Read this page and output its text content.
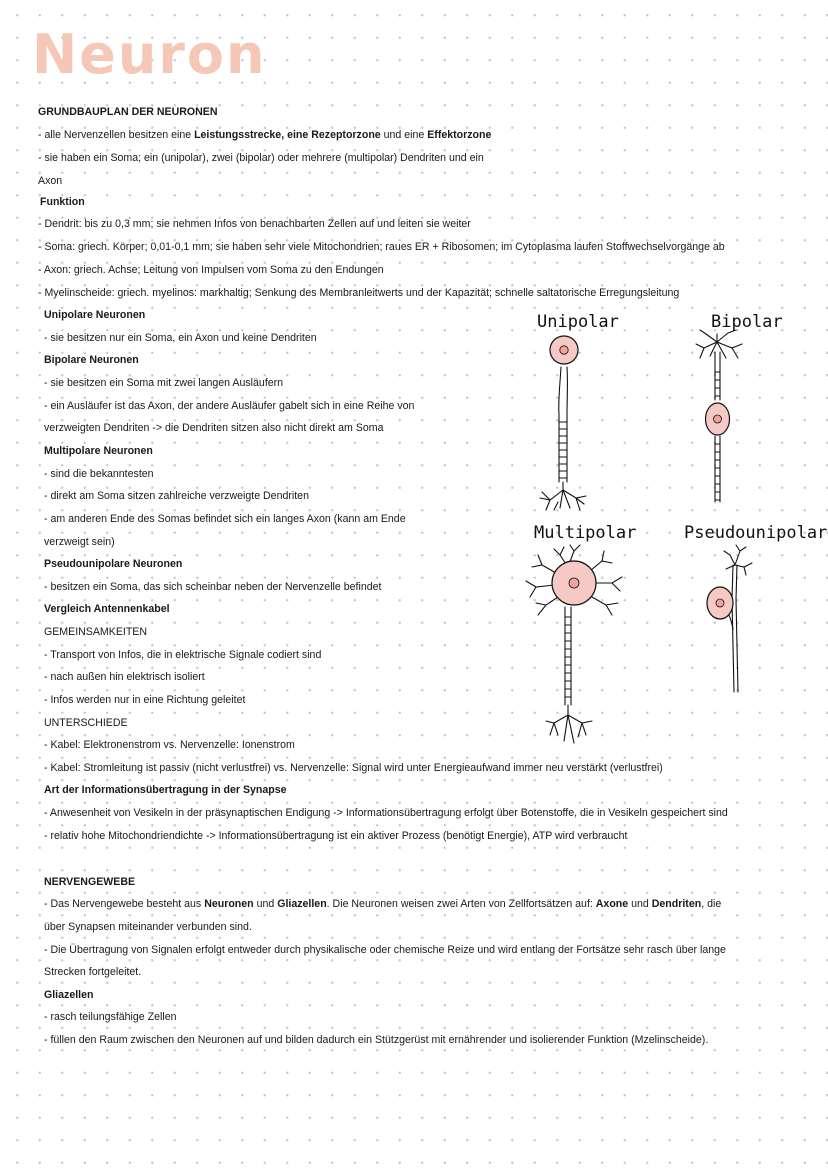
Neuron
GRUNDBAUPLAN DER NEURONEN
- alle Nervenzellen besitzen eine Leistungsstrecke, eine Rezeptorzone und eine Effektorzone
- sie haben ein Soma; ein (unipolar), zwei (bipolar) oder mehrere (multipolar) Dendriten und ein
Axon
Funktion
- Dendrit: bis zu 0,3 mm; sie nehmen Infos von benachbarten Zellen auf und leiten sie weiter
- Soma: griech. Körper; 0,01-0,1 mm; sie haben sehr viele Mitochondrien; raues ER + Ribosomen; im Cytoplasma laufen Stoffwechselvorgänge ab
- Axon: griech. Achse; Leitung von Impulsen vom Soma zu den Endungen
- Myelinscheide: griech. myelinos: markhaltig; Senkung des Membranleitwerts und der Kapazität; schnelle saltatorische Erregungsleitung
Unipolare Neuronen
- sie besitzen nur ein Soma, ein Axon und keine Dendriten
Bipolare Neuronen
- sie besitzen ein Soma mit zwei langen Ausläufern
- ein Ausläufer ist das Axon, der andere Ausläufer gabelt sich in eine Reihe von
verzweigten Dendriten -> die Dendriten sitzen also nicht direkt am Soma
Multipolare Neuronen
- sind die bekanntesten
- direkt am Soma sitzen zahlreiche verzweigte Dendriten
- am anderen Ende des Somas befindet sich ein langes Axon (kann am Ende
verzweigt sein)
Pseudounipolare Neuronen
- besitzen ein Soma, das sich scheinbar neben der Nervenzelle befindet
Vergleich Antennenkabel
GEMEINSAMKEITEN
- Transport von Infos, die in elektrische Signale codiert sind
- nach außen hin elektrisch isoliert
- Infos werden nur in eine Richtung geleitet
UNTERSCHIEDE
- Kabel: Elektronenstrom vs. Nervenzelle: Ionenstrom
- Kabel: Stromleitung ist passiv (nicht verlustfrei) vs. Nervenzelle: Signal wird unter Energieaufwand immer neu verstärkt (verlustfrei)
Art der Informationsübertragung in der Synapse
- Anwesenheit von Vesikeln in der präsynaptischen Endigung -> Informationsübertragung erfolgt über Botenstoffe, die in Vesikeln gespeichert sind
- relativ hohe Mitochondriendichte -> Informationsübertragung ist ein aktiver Prozess (benötigt Energie), ATP wird verbraucht
NERVENGEWEBE
- Das Nervengewebe besteht aus Neuronen und Gliazellen. Die Neuronen weisen zwei Arten von Zellfortsätzen auf: Axone und Dendriten, die
über Synapsen miteinander verbunden sind.
- Die Übertragung von Signalen erfolgt entweder durch physikalische oder chemische Reize und wird entlang der Fortsätze sehr rasch über lange
Strecken fortgeleitet.
Gliazellen
- rasch teilungsfähige Zellen
- füllen den Raum zwischen den Neuronen auf und bilden dadurch ein Stützgerüst mit ernährender und isolierender Funktion (Mzelinscheide).
Unipolar	Bipolar
Multipolar	Pseudounipolar
